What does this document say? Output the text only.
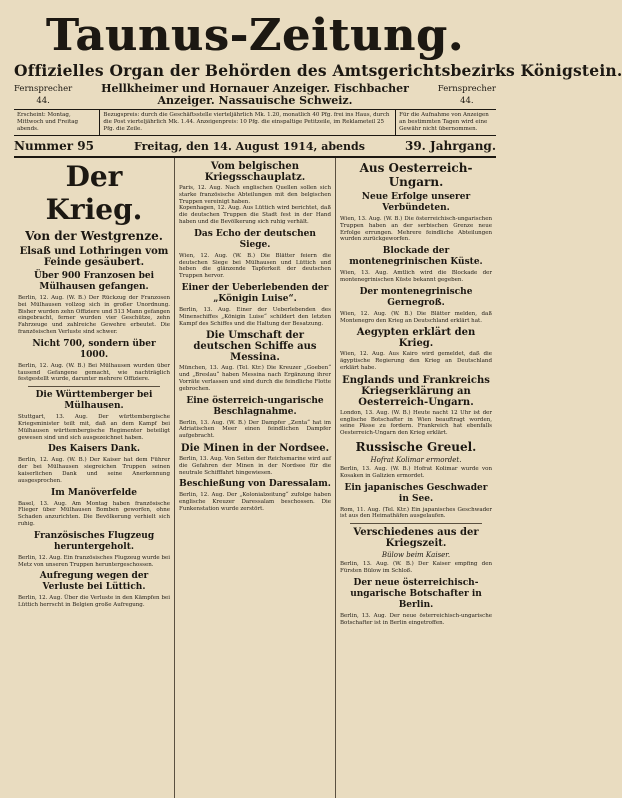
Taunus-Zeitung.
Offizielles Organ der Behörden des Amtsgerichtsbezirks Königstein.
Fernsprecher 44.
Hellkheimer und Hornauer Anzeiger. Fischbacher Anzeiger. Nassauische Schweiz.
Fernsprecher 44.
Erscheint: Montag, Mittwoch und Freitag abends.
Bezugspreis: durch die Geschäftsstelle vierteljährlich Mk. 1.20, monatlich 40 Pfg. frei ins Haus, durch die Post vierteljährlich Mk. 1.44. Anzeigenpreis: 10 Pfg. die einspaltige Petitzeile, im Reklameteil 25 Pfg. die Zeile.
Für die Aufnahme von Anzeigen an bestimmten Tagen wird eine Gewähr nicht übernommen.
Nummer 95	Freitag, den 14. August 1914, abends	39. Jahrgang.
Der Krieg.
Von der Westgrenze.
Elsaß und Lothringen vom Feinde gesäubert.
Über 900 Franzosen bei Mülhausen gefangen.
Berlin, 12. Aug. (W. B.) Der Rückzug der Franzosen bei Mülhausen vollzog sich in großer Unordnung. Bisher wurden zehn Offiziere und 513 Mann gefangen eingebracht, ferner wurden vier Geschütze, zehn Fahrzeuge und zahlreiche Gewehre erbeutet. Die französischen Verluste sind schwer.
Nicht 700, sondern über 1000.
Berlin, 12. Aug. (W. B.) Bei Mülhausen wurden über tausend Gefangene gemacht, wie nachträglich festgestellt wurde, darunter mehrere Offiziere.
Die Württemberger bei Mülhausen.
Stuttgart, 13. Aug. Der württembergische Kriegsminister teilt mit, daß an dem Kampf bei Mülhausen württembergische Regimenter beteiligt gewesen sind und sich ausgezeichnet haben.
Des Kaisers Dank.
Berlin, 12. Aug. (W. B.) Der Kaiser hat dem Führer der bei Mülhausen siegreichen Truppen seinen kaiserlichen Dank und seine Anerkennung ausgesprochen.
Im Manöverfelde
Basel, 13. Aug. Am Montag haben französische Flieger über Mülhausen Bomben geworfen, ohne Schaden anzurichten. Die Bevölkerung verhielt sich ruhig.
Französisches Flugzeug heruntergeholt.
Berlin, 12. Aug. Ein französisches Flugzeug wurde bei Metz von unseren Truppen heruntergeschossen.
Aufregung wegen der Verluste bei Lüttich.
Berlin, 12. Aug. Über die Verluste in den Kämpfen bei Lüttich herrscht in Belgien große Aufregung.
Vom belgischen Kriegsschauplatz.
Paris, 12. Aug. Nach englischen Quellen sollen sich starke französische Abteilungen mit den belgischen Truppen vereinigt haben.
Kopenhagen, 12. Aug. Aus Lüttich wird berichtet, daß die deutschen Truppen die Stadt fest in der Hand haben und die Bevölkerung sich ruhig verhält.
Das Echo der deutschen Siege.
Wien, 12. Aug. (W. B.) Die Blätter feiern die deutschen Siege bei Mülhausen und Lüttich und heben die glänzende Tapferkeit der deutschen Truppen hervor.
Einer der Ueberlebenden der „Königin Luise“.
Berlin, 13. Aug. Einer der Ueberlebenden des Minenschiffes „Königin Luise“ schildert den letzten Kampf des Schiffes und die Haltung der Besatzung.
Die Umschaft der deutschen Schiffe aus Messina.
München, 13. Aug. (Tel. Ktr.) Die Kreuzer „Goeben“ und „Breslau“ haben Messina nach Ergänzung ihrer Vorräte verlassen und sind durch die feindliche Flotte gebrochen.
Eine österreich-ungarische Beschlagnahme.
Berlin, 13. Aug. (W. B.) Der Dampfer „Zenta“ hat im Adriatischen Meer einen feindlichen Dampfer aufgebracht.
Die Minen in der Nordsee.
Berlin, 13. Aug. Von Seiten der Reichsmarine wird auf die Gefahren der Minen in der Nordsee für die neutrale Schifffahrt hingewiesen.
Beschießung von Daressalam.
Berlin, 12. Aug. Der „Kolonialzeitung“ zufolge haben englische Kreuzer Daressalam beschossen. Die Funkenstation wurde zerstört.
Aus Oesterreich-Ungarn.
Neue Erfolge unserer Verbündeten.
Wien, 13. Aug. (W. B.) Die österreichisch-ungarischen Truppen haben an der serbischen Grenze neue Erfolge errungen. Mehrere feindliche Abteilungen wurden zurückgeworfen.
Blockade der montenegrinischen Küste.
Wien, 13. Aug. Amtlich wird die Blockade der montenegrinischen Küste bekannt gegeben.
Der montenegrinische Gernegroß.
Wien, 12. Aug. (W. B.) Die Blätter melden, daß Montenegro den Krieg an Deutschland erklärt hat.
Aegypten erklärt den Krieg.
Wien, 12. Aug. Aus Kairo wird gemeldet, daß die ägyptische Regierung den Krieg an Deutschland erklärt habe.
Englands und Frankreichs Kriegserklärung an Oesterreich-Ungarn.
London, 13. Aug. (W. B.) Heute nacht 12 Uhr ist der englische Botschafter in Wien beauftragt worden, seine Pässe zu fordern. Frankreich hat ebenfalls Oesterreich-Ungarn den Krieg erklärt.
Russische Greuel.
Hofrat Kolimar ermordet.
Berlin, 13. Aug. (W. B.) Hofrat Kolimar wurde von Kosaken in Galizien ermordet.
Ein japanisches Geschwader in See.
Rom, 11. Aug. (Tel. Ktr.) Ein japanisches Geschwader ist aus den Heimathäfen ausgelaufen.
Verschiedenes aus der Kriegszeit.
Bülow beim Kaiser.
Berlin, 13. Aug. (W. B.) Der Kaiser empfing den Fürsten Bülow im Schloß.
Der neue österreichisch-ungarische Botschafter in Berlin.
Berlin, 13. Aug. Der neue österreichisch-ungarische Botschafter ist in Berlin eingetroffen.
